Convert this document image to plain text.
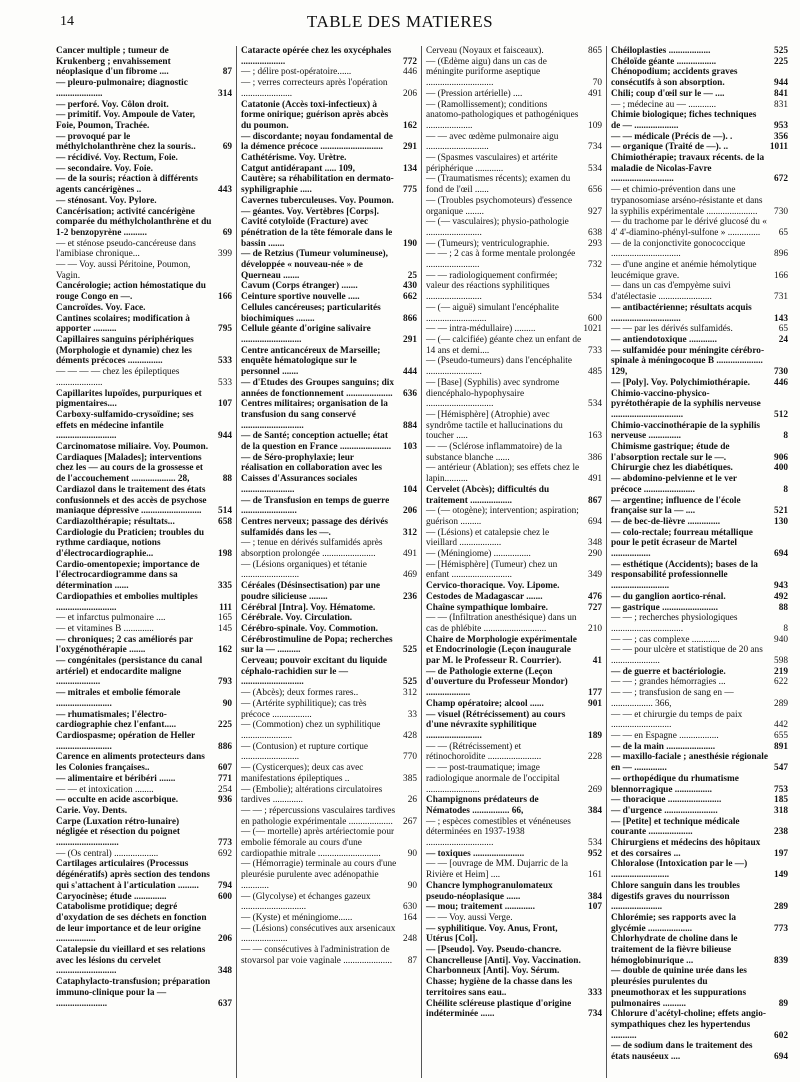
14	TABLE DES MATIERES
Cancer multiple ; tumeur de Krukenberg ; envahissement néoplasique d'un fibrome ....	87
— pleuro-pulmonaire; diagnostic ....................	314
— perforé. Voy. Côlon droit.
— primitif. Voy. Ampoule de Vater, Foie, Poumon, Trachée.
— provoqué par le méthylcholanthrène chez la souris..	69
— récidivé. Voy. Rectum, Foie.
— secondaire. Voy. Foie.
— de la souris; réaction à différents agents cancérigènes ..	443
— sténosant. Voy. Pylore.
Cancérisation; activité cancérigène comparée du méthylcholanthrène et du 1-2 benzopyrène ..........	69
— et sténose pseudo-cancéreuse dans l'amibiase chronique...	399
— — Voy. aussi Péritoine, Poumon, Vagin.
Cancérologie; action hémostatique du rouge Congo en —.	166
Cancroïdes. Voy. Face.
Cantines scolaires; modification à apporter ..........	795
Capillaires sanguins périphériques (Morphologie et dynamie) chez les déments précoces ...............	533
— — — — chez les épileptiques ....................	533
Capillarites lupoïdes, purpuriques et pigmentaires....	107
Carboxy-sulfamido-crysoïdine; ses effets en médecine infantile ..........................	944
Carcinomatose miliaire. Voy. Poumon.
Cardiaques [Malades]; interventions chez les — au cours de la grossesse et de l'accouchement ................... 28,	88
Cardiazol dans le traitement des états confusionnels et des accès de psychose maniaque dépressive ..........................	514
Cardiazolthérapie; résultats...	658
Cardiologie du Praticien; troubles du rythme cardiaque, notions d'électrocardiographie...	198
Cardio-omentopexie; importance de l'électrocardiogramme dans sa détermination ......	335
Cardiopathies et embolies multiples ..........................	111
— et infarctus pulmonaire ....	165
— et vitamines B .............	145
— chroniques; 2 cas améliorés par l'oxygénothérapie .......	162
— congénitales (persistance du canal artériel) et endocardite maligne ...................	793
— mitrales et embolie fémorale ........................	90
— rhumatismales; l'électro-cardiographie chez l'enfant.....	225
Cardiospasme; opération de Heller ........................	886
Carence en aliments protecteurs dans les Colonies françaises..	607
— alimentaire et béribéri .......	771
— — et intoxication ........	254
— occulte en acide ascorbique.	936
Carie. Voy. Dents.
Carpe (Luxation rétro-lunaire) négligée et résection du poignet ...........................	773
— (Os central) ...................	692
Cartilages articulaires (Processus dégénératifs) après section des tendons qui s'attachent à l'articulation .........	794
Caryocinèse; étude ..............	600
Catabolisme protidique; degré d'oxydation de ses déchets en fonction de leur importance et de leur origine .................	206
Catalepsie du vieillard et ses relations avec les lésions du cervelet ..........................	348
Cataphylacto-transfusion; préparation immuno-clinique pour la — ......................	637
Cataracte opérée chez les oxycéphales ...................	772
— ; délire post-opératoire......	446
— ; verres correcteurs après l'opération ......................	206
Catatonie (Accès toxi-infectieux) à forme onirique; guérison après abcès du poumon.	162
— discordante; noyau fondamental de la démence précoce ...........................	291
Cathétérisme. Voy. Urètre.
Catgut antidérapant ..... 109,	134
Cautère; sa réhabilitation en dermato-syphiligraphie .....	775
Cavernes tuberculeuses. Voy. Poumon.
— géantes. Voy. Vertèbres [Corps].
Cavité cotyloïde (Fracture) avec pénétration de la tête fémorale dans le bassin .......	190
— de Retzius (Tumeur volumineuse), développée « nouveau-née » de Querneau .......	25
Cavum (Corps étranger) .......	430
Ceinture sportive nouvelle .....	662
Cellules cancéreuses; particularités biochimiques ........	866
Cellule géante d'origine salivaire ..........................	291
Centre anticancéreux de Marseille; enquête hématologique sur le personnel .......	444
— d'Etudes des Groupes sanguins; dix années de fonctionnement ....................	636
Centres militaires; organisation de la transfusion du sang conservé ...........................	884
— de Santé; conception actuelle; état de la question en France ......................	103
— de Séro-prophylaxie; leur réalisation en collaboration avec les Caisses d'Assurances sociales .......................	104
— de Transfusion en temps de guerre ........................	206
Centres nerveux; passage des dérivés sulfamidés dans les —.	312
— ; tenue en dérivés sulfamidés après absorption prolongée .......................	491
— (Lésions organiques) et tétanie .........................	469
Céréales (Désinsectisation) par une poudre silicieuse ........	236
Cérébral [Intra]. Voy. Hématome.
Cérébrale. Voy. Circulation.
Cérébro-spinale. Voy. Commotion.
Cérébrostimuline de Popa; recherches sur la — ..........	525
Cerveau; pouvoir excitant du liquide céphalo-rachidien sur le — ...........................	525
— (Abcès); deux formes rares..	312
— (Artérite syphilitique); cas très précoce .................	33
— (Commotion) chez un syphilitique ......................	428
— (Contusion) et rupture cortique .........................	770
— (Cysticerques); deux cas avec manifestations épileptiques ..	385
— (Embolie); altérations circulatoires tardives .............	26
— — ; répercussions vasculaires tardives en pathologie expérimentale ...................	267
— (— mortelle) après artériectomie pour embolie fémorale au cours d'une cardiopathie mitrale ...........................	90
— (Hémorragie) terminale au cours d'une pleurésie purulente avec adénopathie ............	90
— (Glycolyse) et échanges gazeux ............................	630
— (Kyste) et méningiome......	164
— (Lésions) consécutives aux arsenicaux ....................	248
— — consécutives à l'administration de stovarsol par voie vaginale .....................	87
Cerveau (Noyaux et faisceaux).	865
— (Œdème aigu) dans un cas de méningite puriforme aseptique .............................	70
— (Pression artérielle) ....	491
— (Ramollissement); conditions anatomo-pathologiques et pathogéniques ....................	109
— — avec œdème pulmonaire aigu ...........................	734
— (Spasmes vasculaires) et artérite périphérique ............	534
— (Traumatismes récents); examen du fond de l'œil ......	656
— (Troubles psychomoteurs) d'essence organique ........	927
— (— vasculaires); physio-pathologie ........................	638
— (Tumeurs); ventriculographie.	293
— — ; 2 cas à forme mentale prolongée .......................	732
— — radiologiquement confirmée; valeur des réactions syphilitiques ........................	534
— (— aiguë) simulant l'encéphalite ..........................	600
— — intra-médullaire) .........	1021
— (— calcifiée) géante chez un enfant de 14 ans et demi....	733
— (Pseudo-tumeurs) dans l'encéphalite ........................	485
— [Base] (Syphilis) avec syndrome diencéphalo-hypophysaire .............................	534
— [Hémisphère] (Atrophie) avec syndrôme tactile et hallucinations du toucher .....	163
— — (Sclérose inflammatoire) de la substance blanche ......	386
— antérieur (Ablation); ses effets chez le lapin..........	491
Cervelet (Abcès); difficultés du traitement ..................	867
— (— otogène); intervention; aspiration; guérison .........	694
— (Lésions) et catalepsie chez le vieillard ..................	348
— (Méningiome) ................	290
— [Hémisphère] (Tumeur) chez un enfant ..........................	349
Cervico-thoracique. Voy. Lipome.
Cestodes de Madagascar .......	476
Chaîne sympathique lombaire.	727
— — (Infiltration anesthésique) dans un cas de phlébite ...........................	210
Chaire de Morphologie expérimentale et Endocrinologie (Leçon inaugurale par M. le Professeur R. Courrier).	41
— de Pathologie externe (Leçon d'ouverture du Professeur Mondor) ...................	177
Champ opératoire; alcool ......	901
— visuel (Rétrécissement) au cours d'une névraxite syphilitique ........................	189
— — (Rétrécissement) et rétinochoroïdite .......................	228
— — post-traumatique; image radiologique anormale de l'occipital .......................	269
Champignons prédateurs de Nématodes ................ 66,	384
— ; espèces comestibles et vénéneuses déterminées en 1937-1938 .............................	534
— toxiques ......................	952
— — [ouvrage de MM. Dujarric de la Rivière et Heim] ....	161
Chancre lymphogranulomateux pseudo-néoplasique ......	384
— mou; traitement .............	107
— — Voy. aussi Verge.
— syphilitique. Voy. Anus, Front, Utérus [Col].
— [Pseudo]. Voy. Pseudo-chancre.
Chancrelleuse [Anti]. Voy. Vaccination.
Charbonneux [Anti]. Voy. Sérum.
Chasse; hygiène de la chasse dans les territoires sans eau..	333
Chéilite scléreuse plastique d'origine indéterminée ......	734
Chéiloplasties ..................	525
Chéloïde géante .................	225
Chénopodium; accidents graves consécutifs à son absorption.	944
Chili; coup d'œil sur le — ....	841
— ; médecine au — ............	831
Chimie biologique; fiches techniques de — ...................	953
— — médicale (Précis de —). .	356
— organique (Traité de —). ..	1011
Chimiothérapie; travaux récents. de la maladie de Nicolas-Favre ...........................	672
— et chimio-prévention dans une trypanosomiase arséno-résistante et dans la syphilis expérimentale ......................	730
— du trachome par le dérivé glucosé du « 4' 4'-diamino-phényl-sulfone » ..............	65
— de la conjonctivite gonococcique ..............................	896
— d'une angine et anémie hémolytique leucémique grave.	166
— dans un cas d'empyème suivi d'atélectasie .......................	731
— antibactérienne; résultats acquis ..............................	143
— — par les dérivés sulfamidés.	65
— antiendotoxique ............	24
— sulfamidée pour méningite cérébro-spinale à méningocoque B .................... 129,	730
— [Poly]. Voy. Polychimiothérapie.	446
Chimio-vaccino-physico-pyrétothérapie de la syphilis nerveuse ...............................	512
Chimio-vaccinothérapie de la syphilis nerveuse ..............	8
Chimisme gastrique; étude de l'absorption rectale sur le —.	906
Chirurgie chez les diabétiques.	400
— abdomino-pelvienne et le ver précoce ......................	8
— argentine; influence de l'école française sur la — ....	521
— de bec-de-lièvre ..............	130
— colo-rectale; fourreau métallique pour le petit écraseur de Martel .................	694
— esthétique (Accidents); bases de la responsabilité professionnelle .........................	943
— du ganglion aortico-rénal.	492
— gastrique ........................	88
— — ; recherches physiologiques ...............................	8
— — ; cas complexe ............	940
— — pour ulcère et statistique de 20 ans .....................	598
— de guerre et bactériologie.	219
— — ; grandes hémorragies ...	622
— — ; transfusion de sang en — .................. 366,	289
— — et chirurgie du temps de paix ..........................	442
— — en Espagne .................	655
— de la main .....................	891
— maxillo-faciale ; anesthésie régionale en — ..............	547
— orthopédique du rhumatisme blennorragique ................	753
— thoracique .......................	185
— d'urgence .......................	318
— [Petite] et technique médicale courante ...................	238
Chirurgiens et médecins des hôpitaux et des corsaires ...	197
Chloralose (Intoxication par le —) .........................	149
Chlore sanguin dans les troubles digestifs graves du nourrisson ......................	289
Chlorémie; ses rapports avec la glycémie ...................	773
Chlorhydrate de choline dans le traitement de la fièvre bilieuse hémoglobinurique ...	839
— double de quinine urée dans les pleurésies purulentes du pneumothorax et les suppurations pulmonaires ..........	89
Chlorure d'acétyl-choline; effets angio-sympathiques chez les hypertendus ...........	602
— de sodium dans le traitement des états nauséeux ....	694
